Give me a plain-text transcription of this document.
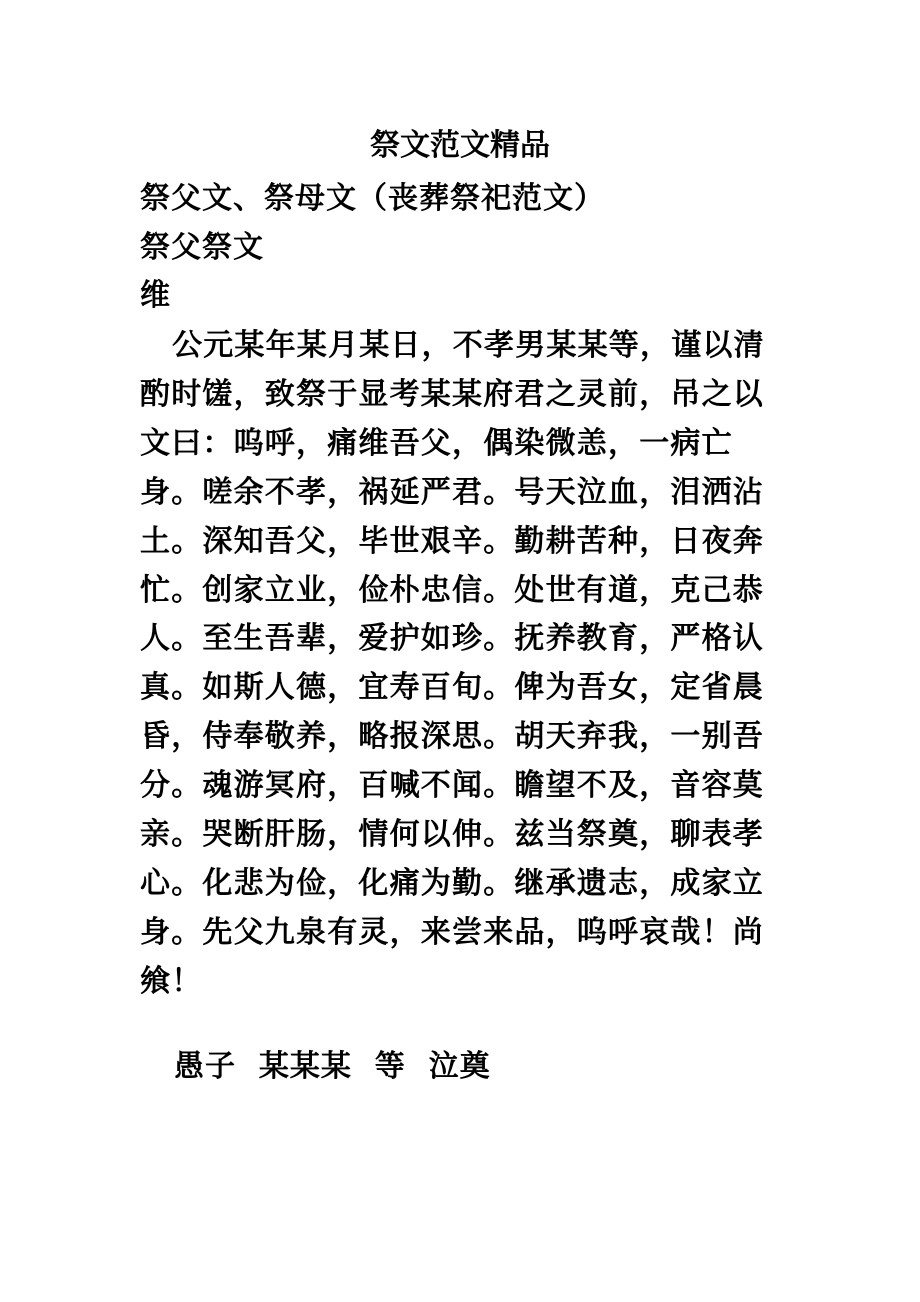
祭文范文精品
祭父文、祭母文（丧葬祭祀范文）
祭父祭文
维
公元某年某月某日，不孝男某某等，谨以清酌时馐，致祭于显考某某府君之灵前，吊之以文曰：呜呼，痛维吾父，偶染微恙，一病亡身。嗟余不孝，祸延严君。号天泣血，泪洒沾土。深知吾父，毕世艰辛。勤耕苦种，日夜奔忙。创家立业，俭朴忠信。处世有道，克己恭人。至生吾辈，爱护如珍。抚养教育，严格认真。如斯人德，宜寿百旬。俾为吾女，定省晨昏，侍奉敬养，略报深思。胡天弃我，一别吾分。魂游冥府，百喊不闻。瞻望不及，音容莫亲。哭断肝肠，情何以伸。兹当祭奠，聊表孝心。化悲为俭，化痛为勤。继承遗志，成家立身。先父九泉有灵，来尝来品，呜呼哀哉！尚飨！
愚子  某某某  等  泣奠
